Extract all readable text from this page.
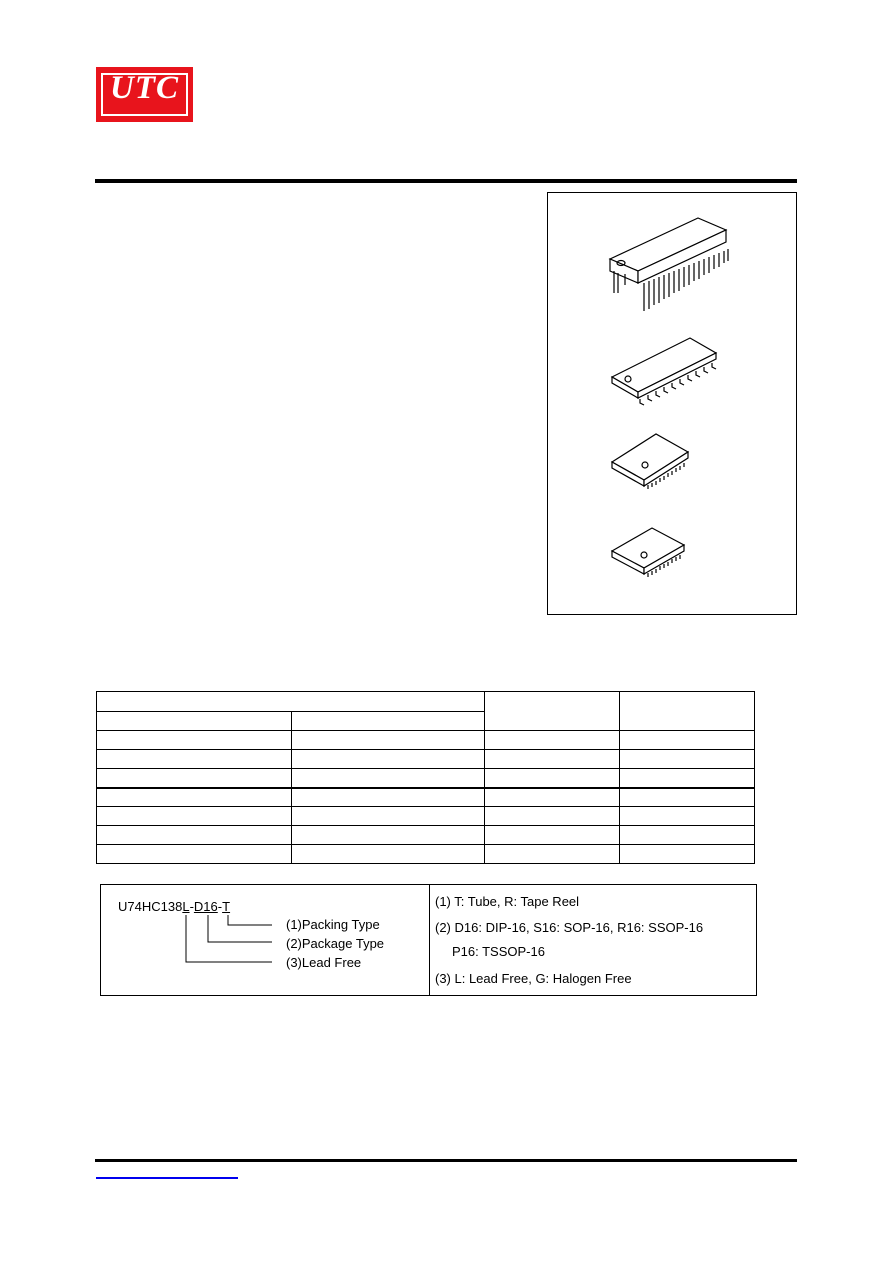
UTC

U74HC138L-D16-T
(1)Packing Type
(2)Package Type
(3)Lead Free
(1) T: Tube, R: Tape Reel
(2) D16: DIP-16, S16: SOP-16, R16: SSOP-16
P16: TSSOP-16
(3) L: Lead Free, G: Halogen Free
